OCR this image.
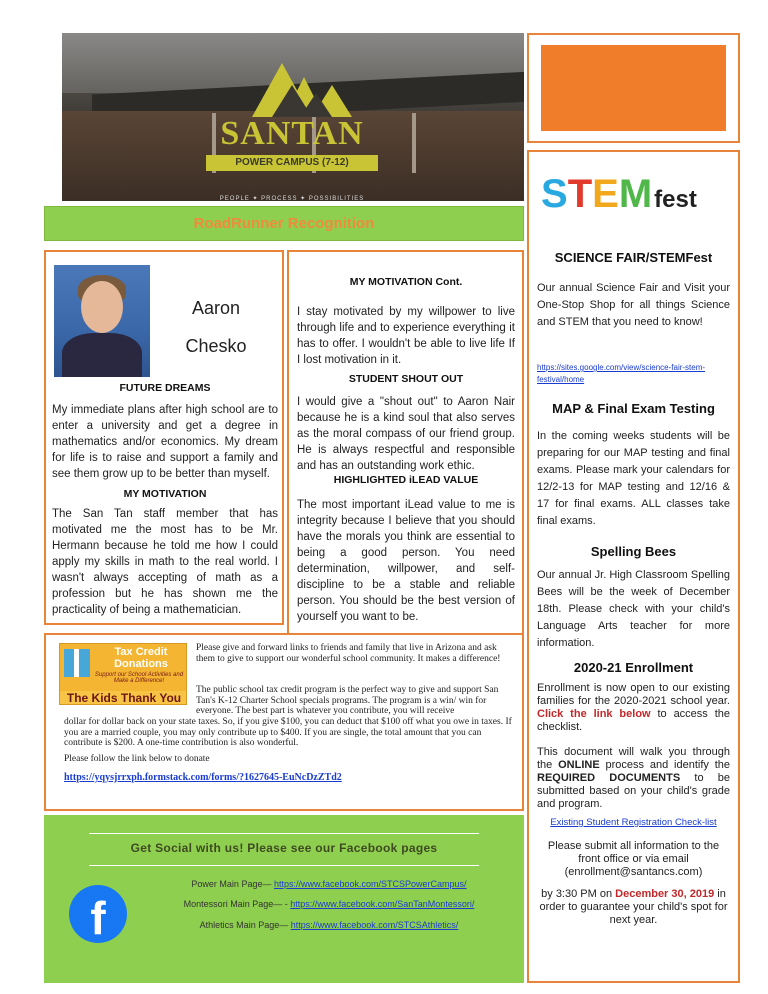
SANTAN
POWER CAMPUS (7-12)
PEOPLE ✦ PROCESS ✦ POSSIBILITIES
RoadRunner Recognition
Aaron
Chesko
FUTURE DREAMS
My immediate plans after high school are to enter a university and get a degree in mathematics and/or economics. My dream for life is to raise and support a family and see them grow up to be better than myself.
MY MOTIVATION
The San Tan staff member that has motivated me the most has to be Mr. Hermann because he told me how I could apply my skills in math to the real world. I wasn't always accepting of math as a profession but he has shown me the practicality of being a mathematician.
MY MOTIVATION Cont.
I stay motivated by my willpower to live through life and to experience everything it has to offer. I wouldn't be able to live life If I lost motivation in it.
STUDENT SHOUT OUT
I would give a "shout out" to Aaron Nair because he is a kind soul that also serves as the moral compass of our friend group. He is always respectful and responsible and has an outstanding work ethic.
HIGHLIGHTED iLEAD VALUE
The most important iLead value to me is integrity because I believe that you should have the morals you think are essential to being a good person. You need determination, willpower, and self-discipline to be a stable and reliable person. You should be the best version of yourself you want to be.
Tax Credit
Donations
Support our School Activities and Make a Difference!
The Kids Thank You
Please give and forward links to friends and family that live in Arizona and ask them to give to support our wonderful school community. It makes a difference!
The public school tax credit program is the perfect way to give and support San Tan's K-12 Charter School specials programs. The program is a win/ win for everyone. The best part is whatever you contribute, you will receive
dollar for dollar back on your state taxes. So, if you give $100, you can deduct that $100 off what you owe in taxes. If you are a married couple, you may only contribute up to $400. If you are single, the total amount that you can contribute is $200. A one-time contribution is also wonderful.
Please follow the link below to donate
https://yqysjrrxph.formstack.com/forms/?1627645-EuNcDzZTd2
Get Social with us! Please see our Facebook pages
f
Power Main Page— https://www.facebook.com/STCSPowerCampus/
Montessori Main Page— - https://www.facebook.com/SanTanMontessori/
Athletics Main Page— https://www.facebook.com/STCSAthletics/
STEMfest
SCIENCE FAIR/STEMFest
Our annual Science Fair and Visit your One-Stop Shop for all things Science and STEM that you need to know!
https://sites.google.com/view/science-fair-stem-festival/home
MAP & Final Exam Testing
In the coming weeks students will be preparing for our MAP testing and final exams. Please mark your calendars for 12/2-13 for MAP testing and 12/16 & 17 for final exams. ALL classes take final exams.
Spelling Bees
Our annual Jr. High Classroom Spelling Bees will be the week of December 18th. Please check with your child's Language Arts teacher for more information.
2020-21 Enrollment
Enrollment is now open to our existing families for the 2020-2021 school year. Click the link below to access the checklist.
This document will walk you through the ONLINE process and identify the REQUIRED DOCUMENTS to be submitted based on your child's grade and program.
Existing Student Registration Check-list
Please submit all information to the front office or via email (enrollment@santancs.com)
by 3:30 PM on December 30, 2019 in order to guarantee your child's spot for next year.
